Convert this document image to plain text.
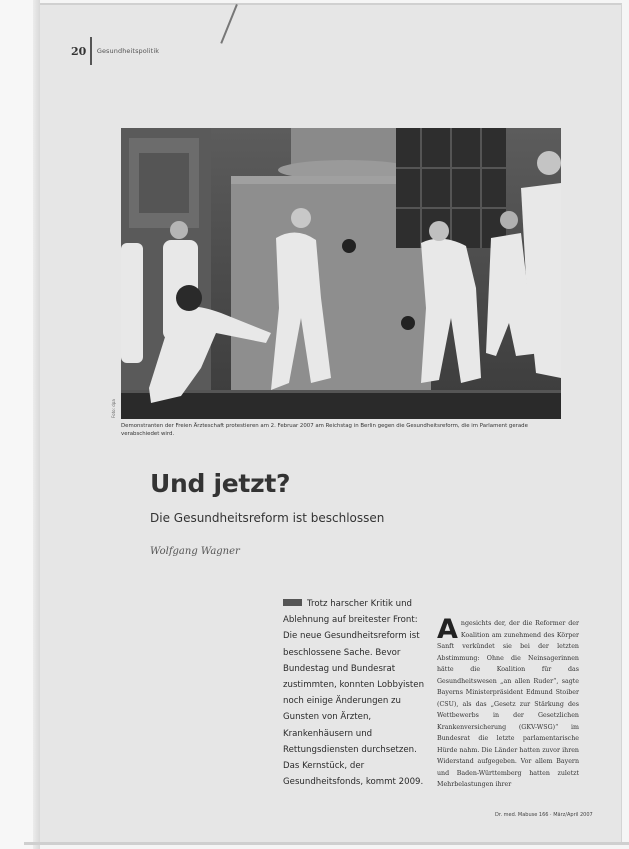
20 Gesundheitspolitik
Foto: dpa
Demonstranten der Freien Ärzteschaft protestieren am 2. Februar 2007 am Reichstag in Berlin gegen die Gesundheitsreform, die im Parlament gerade verabschiedet wird.
Und jetzt?
Die Gesundheitsreform ist beschlossen
Wolfgang Wagner
Trotz harscher Kritik und Ablehnung auf breitester Front: Die neue Gesundheitsreform ist beschlossene Sache. Bevor Bundestag und Bundesrat zustimmten, konnten Lobbyisten noch einige Änderungen zu Gunsten von Ärzten, Krankenhäusern und Rettungsdiensten durchsetzen. Das Kernstück, der Gesundheitsfonds, kommt 2009.
Angesichts der, der die Reformer der Koalition am zunehmend des Körper Sanft verkündet sie bei der letzten Abstimmung: Ohne die Neinsagerinnen hätte die Koalition für das Gesundheitswesen „an allen Ruder“, sagte Bayerns Ministerpräsident Edmund Stoiber (CSU), als das „Gesetz zur Stärkung des Wettbewerbs in der Gesetzlichen Krankenversicherung (GKV-WSG)“ im Bundesrat die letzte parlamentarische Hürde nahm. Die Länder hatten zuvor ihren Widerstand aufgegeben. Vor allem Bayern und Baden-Württemberg hatten zuletzt Mehrbelastungen ihrer
Dr. med. Mabuse 166 · März/April 2007
